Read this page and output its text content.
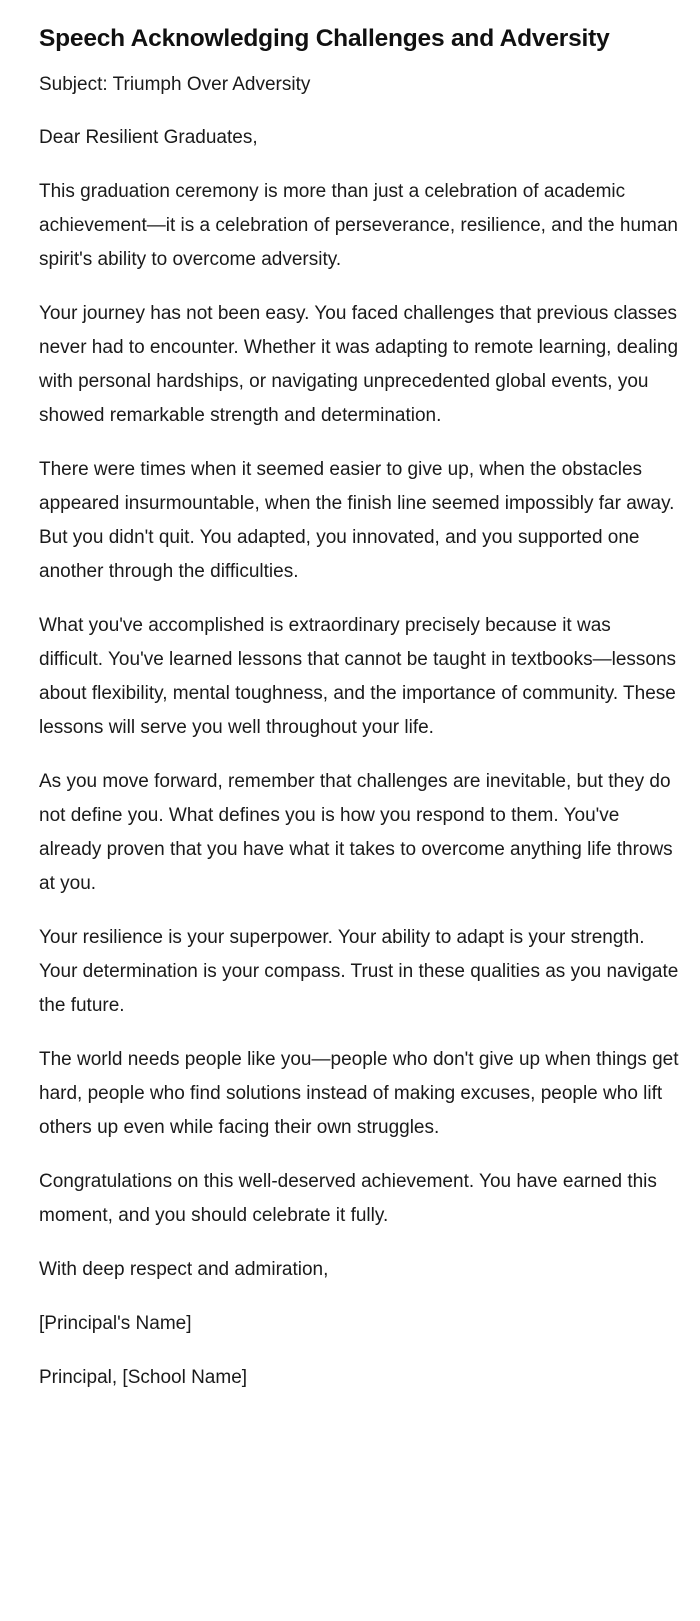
Speech Acknowledging Challenges and Adversity

Subject: Triumph Over Adversity

Dear Resilient Graduates,

This graduation ceremony is more than just a celebration of academic achievement—it is a celebration of perseverance, resilience, and the human spirit's ability to overcome adversity.

Your journey has not been easy. You faced challenges that previous classes never had to encounter. Whether it was adapting to remote learning, dealing with personal hardships, or navigating unprecedented global events, you showed remarkable strength and determination.

There were times when it seemed easier to give up, when the obstacles appeared insurmountable, when the finish line seemed impossibly far away. But you didn't quit. You adapted, you innovated, and you supported one another through the difficulties.

What you've accomplished is extraordinary precisely because it was difficult. You've learned lessons that cannot be taught in textbooks—lessons about flexibility, mental toughness, and the importance of community. These lessons will serve you well throughout your life.

As you move forward, remember that challenges are inevitable, but they do not define you. What defines you is how you respond to them. You've already proven that you have what it takes to overcome anything life throws at you.

Your resilience is your superpower. Your ability to adapt is your strength. Your determination is your compass. Trust in these qualities as you navigate the future.

The world needs people like you—people who don't give up when things get hard, people who find solutions instead of making excuses, people who lift others up even while facing their own struggles.

Congratulations on this well-deserved achievement. You have earned this moment, and you should celebrate it fully.

With deep respect and admiration,

[Principal's Name]

Principal, [School Name]
